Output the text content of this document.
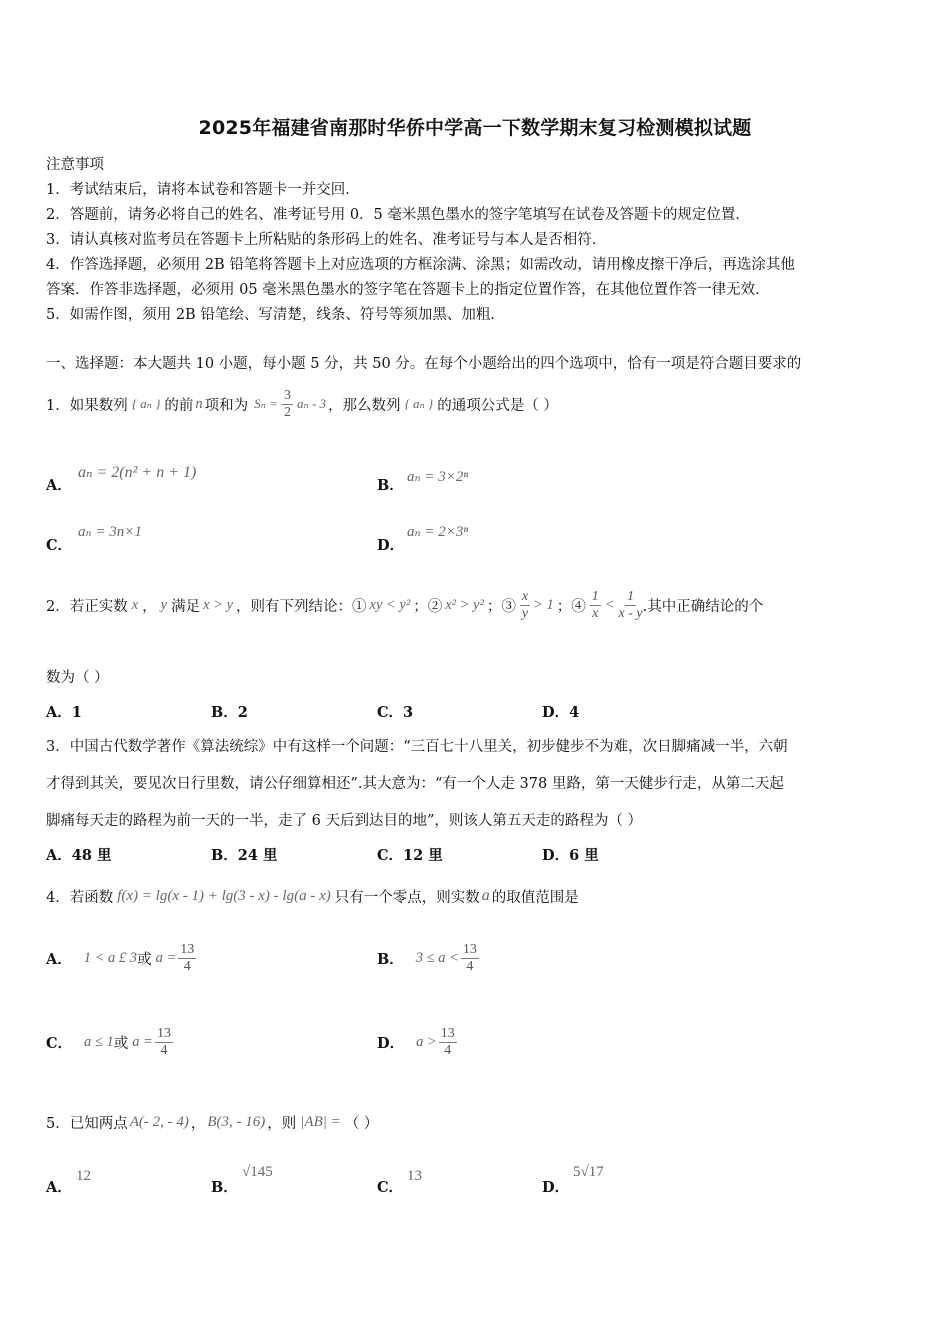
2025年福建省南那时华侨中学高一下数学期末复习检测模拟试题
注意事项
1．考试结束后，请将本试卷和答题卡一并交回．
2．答题前，请务必将自己的姓名、准考证号用 0．5 毫米黑色墨水的签字笔填写在试卷及答题卡的规定位置．
3．请认真核对监考员在答题卡上所粘贴的条形码上的姓名、准考证号与本人是否相符．
4．作答选择题，必须用 2B 铅笔将答题卡上对应选项的方框涂满、涂黑；如需改动，请用橡皮擦干净后，再选涂其他
答案．作答非选择题，必须用 05 毫米黑色墨水的签字笔在答题卡上的指定位置作答，在其他位置作答一律无效．
5．如需作图，须用 2B 铅笔绘、写清楚，线条、符号等须加黑、加粗．
一、选择题：本大题共 10 小题，每小题 5 分，共 50 分。在每个小题给出的四个选项中，恰有一项是符合题目要求的
1．如果数列 { aₙ } 的前 n 项和为 $S_n = \frac{3}{2}$ aₙ - 3 ，那么数列 { aₙ } 的通项公式是（ ）
A．
aₙ = 2(n² + n + 1)
B． aₙ = 3×2ⁿ
C．
aₙ = 3n×1
D．
aₙ = 2×3ⁿ
2．若正实数 x ， y 满足 x > y ，则有下列结论：① xy < y² ；② x² > y² ；③ $\frac{x}{y} > 1$ ；④ $\frac{1}{x} < \frac{1}{x - y}$ .其中正确结论的个
数为（ ）
A．1	B．2	C．3	D．4
3．中国古代数学著作《算法统综》中有这样一个问题：“三百七十八里关，初步健步不为难，次日脚痛减一半，六朝
才得到其关，要见次日行里数，请公仔细算相还”.其大意为：“有一个人走 378 里路，第一天健步行走，从第二天起
脚痛每天走的路程为前一天的一半，走了 6 天后到达目的地”，则该人第五天走的路程为（ ）
A．48 里	B．24 里	C．12 里	D．6 里
4．若函数 f(x) = lg(x - 1) + lg(3 - x) - lg(a - x) 只有一个零点，则实数 a 的取值范围是
A． 1 < a £ 3 或 $a = \frac{13}{4}$	B． $3 \le a < \frac{13}{4}$
C． a ≤ 1 或 $a = \frac{13}{4}$	D． $a > \frac{13}{4}$
5．已知两点 A(- 2, - 4) ， B(3, - 16) ，则 |AB| = （ ）
A．
12
B．
√145
C．
13
D．
5√17
